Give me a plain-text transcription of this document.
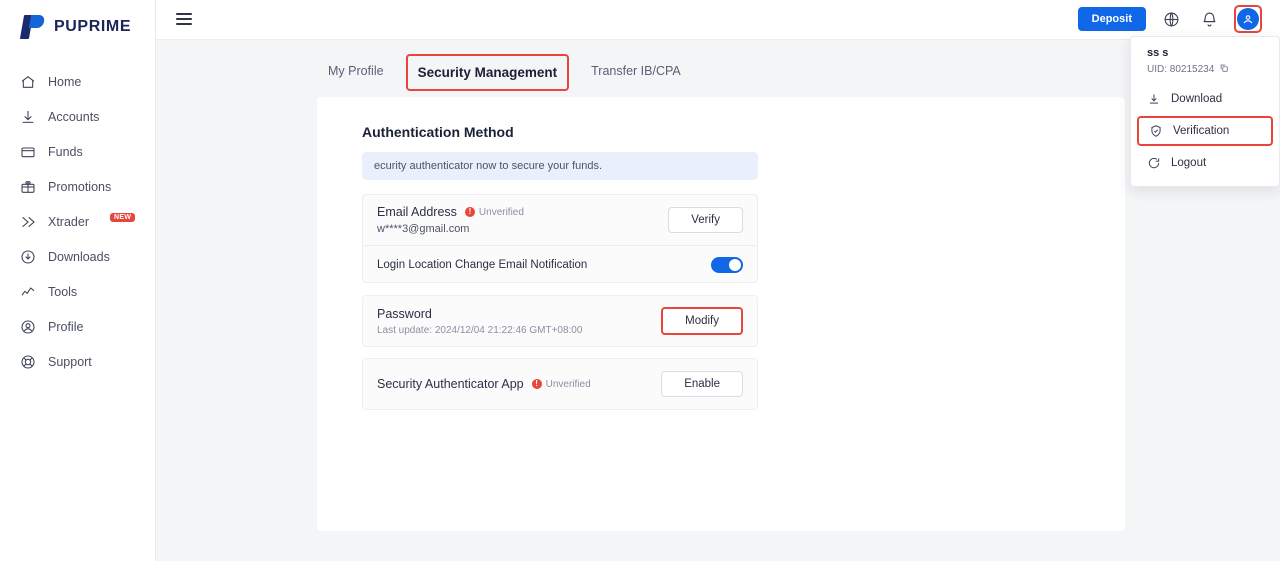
PUPRIME
Home
Accounts
Funds
Promotions
Xtrader	NEW
Downloads
Tools
Profile
Support
Deposit
ss s
UID: 80215234
Download
Verification
Logout
My Profile	Security Management	Transfer IB/CPA
Authentication Method
ecurity authenticator now to secure your funds.
Email Address	! Unverified
w****3@gmail.com
Verify
Login Location Change Email Notification
Password
Last update: 2024/12/04 21:22:46 GMT+08:00
Modify
Security Authenticator App	! Unverified	Enable
